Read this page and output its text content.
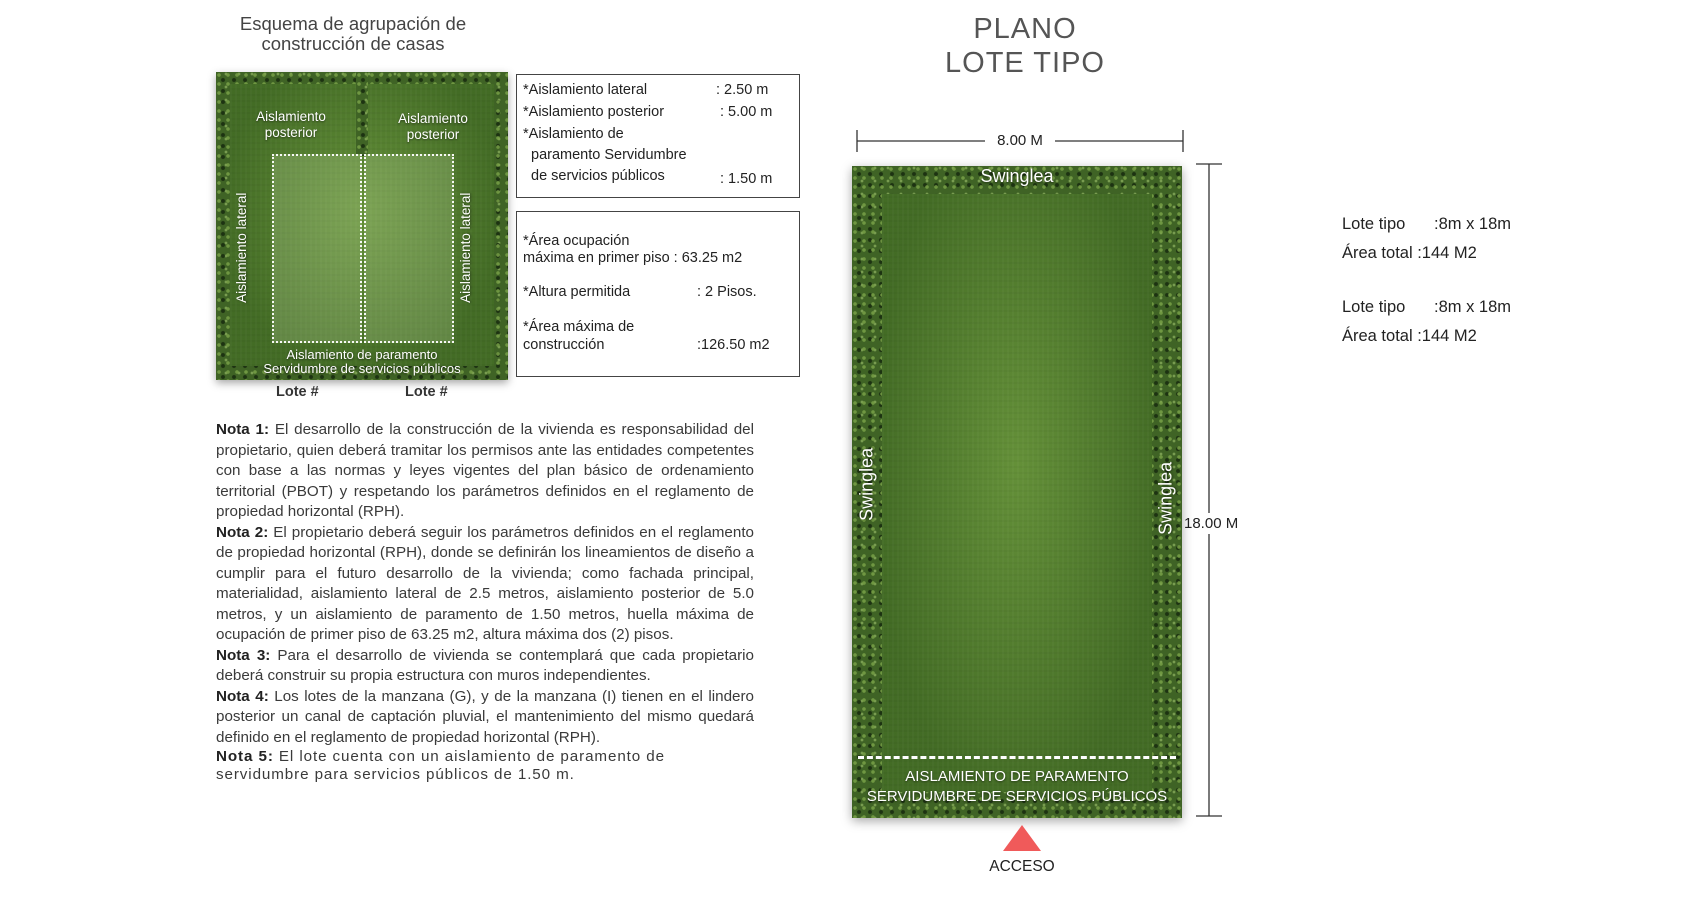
Esquema de agrupación de
construcción de casas
Aislamiento
posterior
Aislamiento
posterior
Aislamiento lateral	Aislamiento lateral
Aislamiento de paramento
Servidumbre de servicios públicos
Lote #	Lote #
*Aislamiento lateral	: 2.50 m
*Aislamiento posterior	: 5.00 m
*Aislamiento de
paramento Servidumbre
de servicios públicos	: 1.50 m
*Área ocupación
máxima en primer piso : 63.25 m2
*Altura permitida	: 2 Pisos.
*Área máxima de
construcción	:126.50 m2

Nota 1: El desarrollo de la construcción de la vivienda es responsabilidad del propietario, quien deberá tramitar los permisos ante las entidades competentes con base a las normas y leyes vigentes del plan básico de ordenamiento territorial (PBOT) y respetando los parámetros definidos en el reglamento de propiedad horizontal (RPH).

Nota 2: El propietario deberá seguir los parámetros definidos en el reglamento de propiedad horizontal (RPH), donde se definirán los lineamientos de diseño a cumplir para el futuro desarrollo de la vivienda; como fachada principal, materialidad, aislamiento lateral de 2.5 metros, aislamiento posterior de 5.0 metros, y un aislamiento de paramento de 1.50 metros, huella máxima de ocupación de primer piso de 63.25 m2, altura máxima dos (2) pisos.

Nota 3: Para el desarrollo de vivienda se contemplará que cada propietario deberá construir su propia estructura con muros independientes.

Nota 4: Los lotes de la manzana (G), y de la manzana (I) tienen en el lindero posterior un canal de captación pluvial, el mantenimiento del mismo quedará definido en el reglamento de propiedad horizontal (RPH).

Nota 5: El lote cuenta con un aislamiento de paramento de servidumbre para servicios públicos de 1.50 m.

PLANO
LOTE TIPO
8.00 M
18.00 M
Swinglea
Swinglea	Swinglea
AISLAMIENTO DE PARAMENTO
SERVIDUMBRE DE SERVICIOS PÚBLICOS
ACCESO
Lote tipo :8m x 18m
Área total :144 M2
Lote tipo :8m x 18m
Área total :144 M2
